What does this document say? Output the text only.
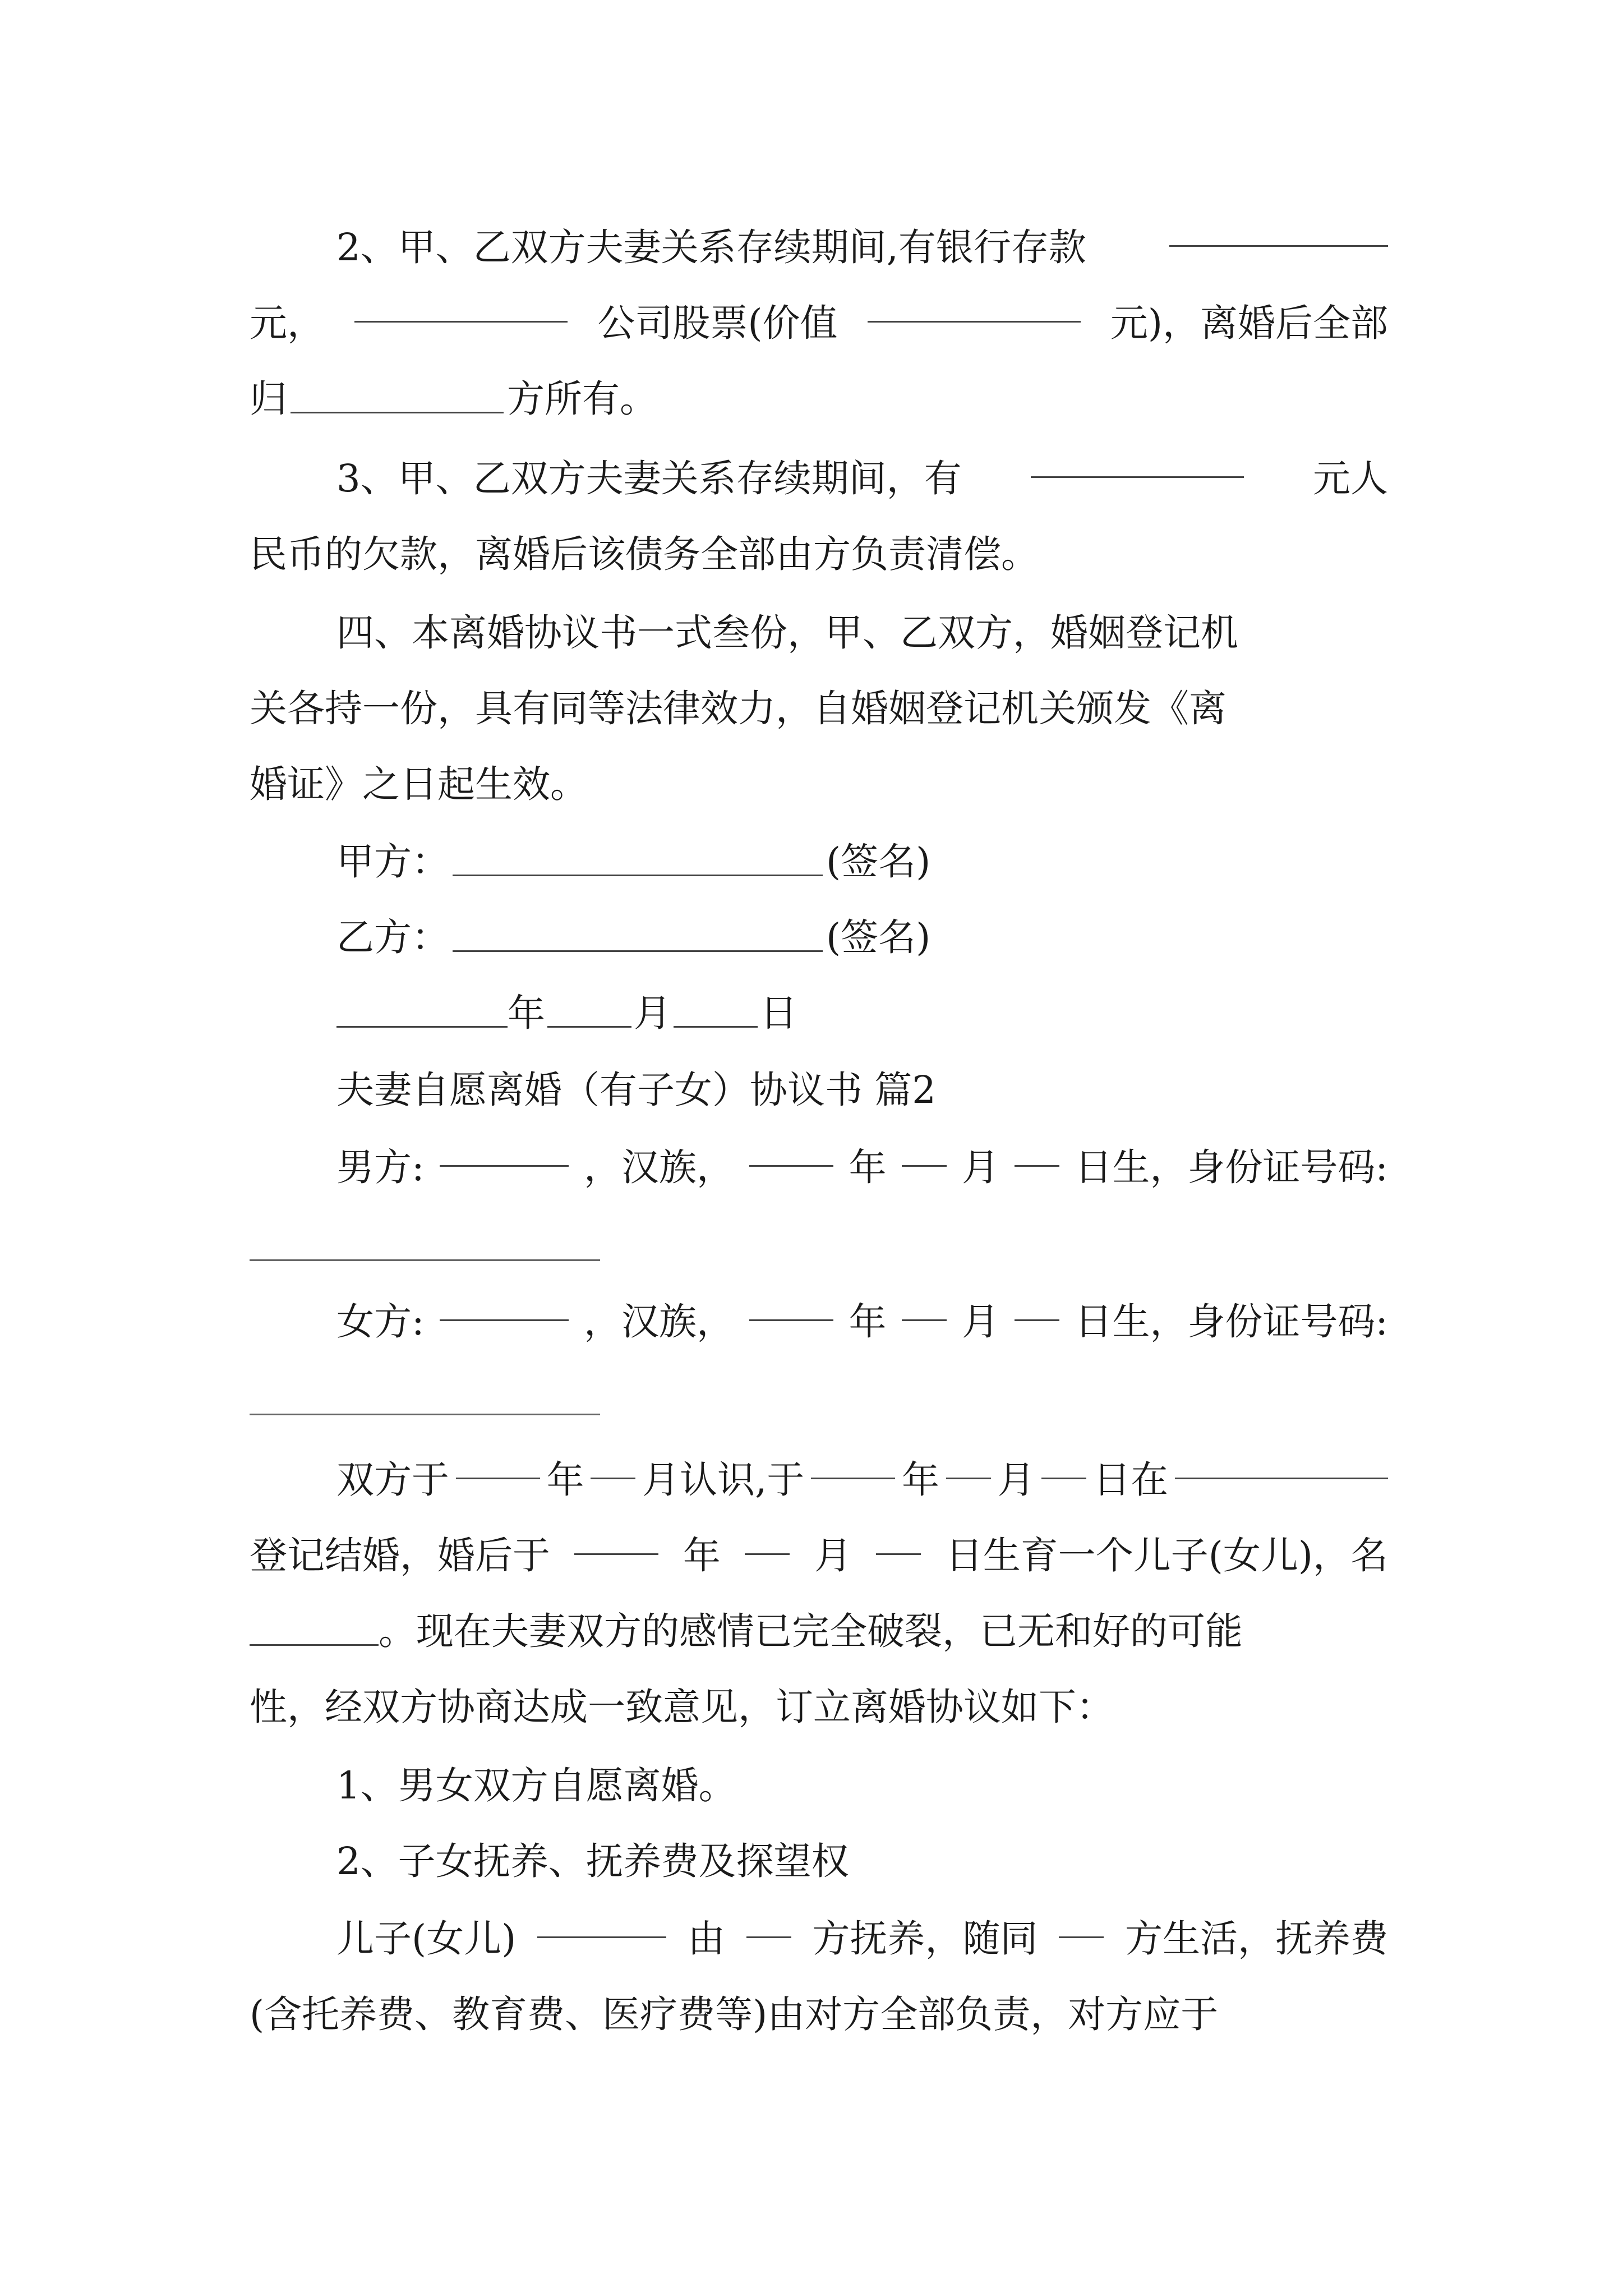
2、甲、乙双方夫妻关系存续期间,有银行存款
元，	公司股票(价值	元)，离婚后全部
归	方所有。
3、甲、乙双方夫妻关系存续期间，有	元人
民币的欠款，离婚后该债务全部由方负责清偿。
四、本离婚协议书一式叁份，甲、乙双方，婚姻登记机
关各持一份，具有同等法律效力，自婚姻登记机关颁发《离
婚证》之日起生效。
甲方：	(签名)
乙方：	(签名)
年 月 日
夫妻自愿离婚（有子女）协议书 篇2
男方:	，汉族，	年 月 日生，身份证号码:
女方:	，汉族，	年 月 日生，身份证号码:
双方于	年 月认识,于	年 月 日在
登记结婚，婚后于	年 月 日生育一个儿子(女儿)，名
。现在夫妻双方的感情已完全破裂，已无和好的可能
性，经双方协商达成一致意见，订立离婚协议如下：
1、男女双方自愿离婚。
2、子女抚养、抚养费及探望权
儿子(女儿)	由 方抚养，随同 方生活，抚养费
(含托养费、教育费、医疗费等)由对方全部负责，对方应于
